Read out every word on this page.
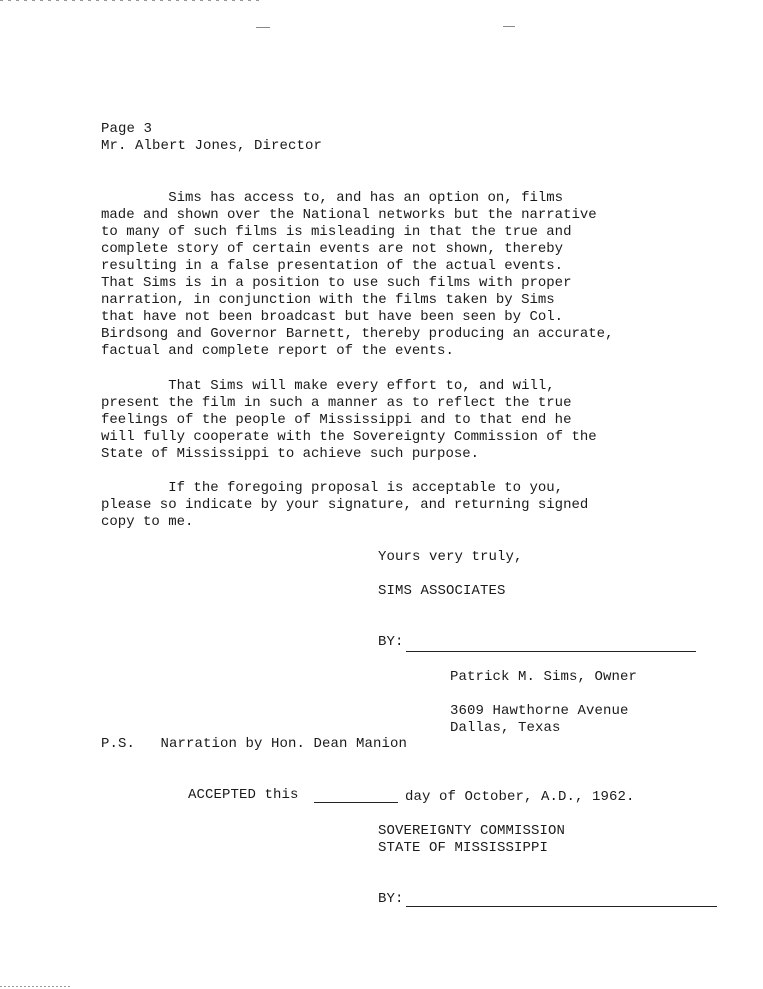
Page 3
Mr. Albert Jones, Director
Sims has access to, and has an option on, films
made and shown over the National networks but the narrative
to many of such films is misleading in that the true and
complete story of certain events are not shown, thereby
resulting in a false presentation of the actual events.
That Sims is in a position to use such films with proper
narration, in conjunction with the films taken by Sims
that have not been broadcast but have been seen by Col.
Birdsong and Governor Barnett, thereby producing an accurate,
factual and complete report of the events.
That Sims will make every effort to, and will,
present the film in such a manner as to reflect the true
feelings of the people of Mississippi and to that end he
will fully cooperate with the Sovereignty Commission of the
State of Mississippi to achieve such purpose.
If the foregoing proposal is acceptable to you,
please so indicate by your signature, and returning signed
copy to me.
Yours very truly,
SIMS ASSOCIATES
BY:
Patrick M. Sims, Owner
3609 Hawthorne Avenue
Dallas, Texas
P.S.   Narration by Hon. Dean Manion
ACCEPTED this	day of October, A.D., 1962.
SOVEREIGNTY COMMISSION
STATE OF MISSISSIPPI
BY:
